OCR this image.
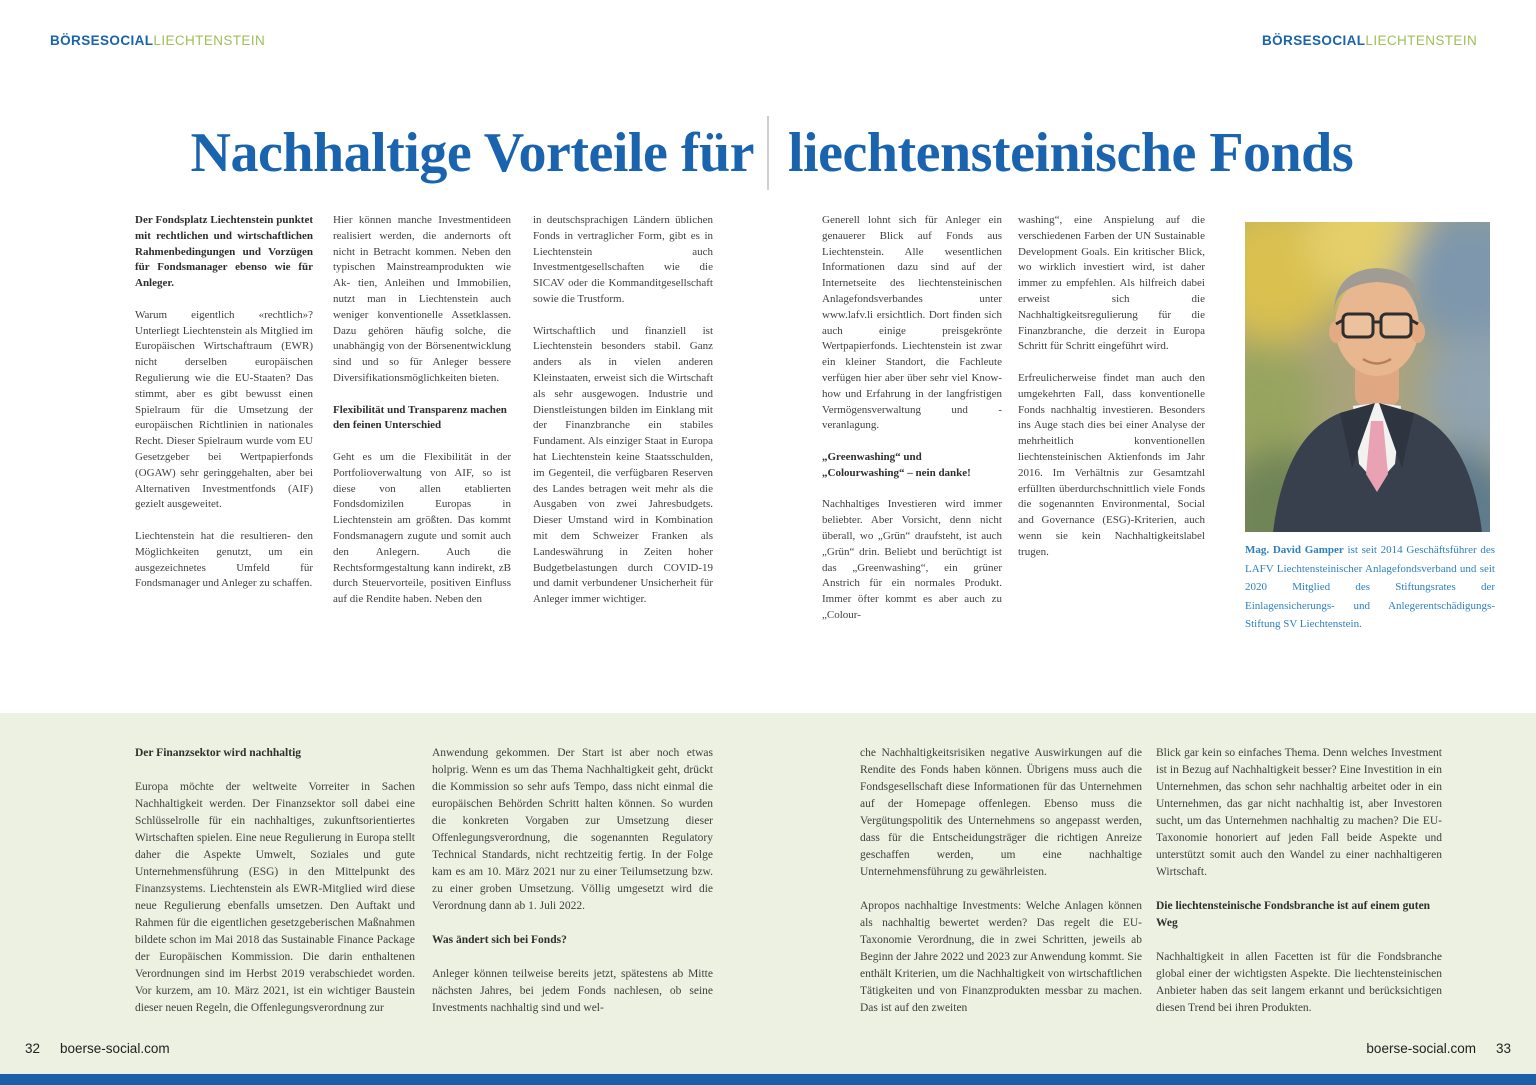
BÖRSESOCIALLIECHTENSTEIN	BÖRSESOCIALLIECHTENSTEIN
Nachhaltige Vorteile für liechtensteinische Fonds

Der Fondsplatz Liechtenstein punktet mit rechtlichen und wirtschaftlichen Rahmenbedingungen und Vorzügen für Fondsmanager ebenso wie für Anleger.

Warum eigentlich «rechtlich»? Unterliegt Liechtenstein als Mitglied im Europäischen Wirtschaftraum (EWR) nicht derselben europäischen Regulierung wie die EU-Staaten? Das stimmt, aber es gibt bewusst einen Spielraum für die Umsetzung der europäischen Richtlinien in nationales Recht. Dieser Spielraum wurde vom EU Gesetzgeber bei Wertpapierfonds (OGAW) sehr geringgehalten, aber bei Alternativen Investmentfonds (AIF) gezielt ausgeweitet.

Liechtenstein hat die resultieren- den Möglichkeiten genutzt, um ein ausgezeichnetes Umfeld für Fondsmanager und Anleger zu schaffen.

Hier können manche Investmentideen realisiert werden, die andernorts oft nicht in Betracht kommen. Neben den typischen Mainstreamprodukten wie Ak- tien, Anleihen und Immobilien, nutzt man in Liechtenstein auch weniger konventionelle Assetklassen. Dazu gehören häufig solche, die unabhängig von der Börsenentwicklung sind und so für Anleger bessere Diversifikationsmöglichkeiten bieten.

Flexibilität und Transparenz machen den feinen Unterschied

Geht es um die Flexibilität in der Portfolioverwaltung von AIF, so ist diese von allen etablierten Fondsdomizilen Europas in Liechtenstein am größten. Das kommt Fondsmanagern zugute und somit auch den Anlegern. Auch die Rechtsformgestaltung kann indirekt, zB durch Steuervorteile, positiven Einfluss auf die Rendite haben. Neben den

in deutschsprachigen Ländern üblichen Fonds in vertraglicher Form, gibt es in Liechtenstein auch Investmentgesellschaften wie die SICAV oder die Kommanditgesellschaft sowie die Trustform.

Wirtschaftlich und finanziell ist Liechtenstein besonders stabil. Ganz anders als in vielen anderen Kleinstaaten, erweist sich die Wirtschaft als sehr ausgewogen. Industrie und Dienstleistungen bilden im Einklang mit der Finanzbranche ein stabiles Fundament. Als einziger Staat in Europa hat Liechtenstein keine Staatsschulden, im Gegenteil, die verfügbaren Reserven des Landes betragen weit mehr als die Ausgaben von zwei Jahresbudgets. Dieser Umstand wird in Kombination mit dem Schweizer Franken als Landeswährung in Zeiten hoher Budgetbelastungen durch COVID-19 und damit verbundener Unsicherheit für Anleger immer wichtiger.

Generell lohnt sich für Anleger ein genauerer Blick auf Fonds aus Liechtenstein. Alle wesentlichen Informationen dazu sind auf der Internetseite des liechtensteinischen Anlagefondsverbandes unter www.lafv.li ersichtlich. Dort finden sich auch einige preisgekrönte Wertpapierfonds. Liechtenstein ist zwar ein kleiner Standort, die Fachleute verfügen hier aber über sehr viel Know-how und Erfahrung in der langfristigen Vermögensverwaltung und -veranlagung.

„Greenwashing“ und „Colourwashing“ – nein danke!

Nachhaltiges Investieren wird immer beliebter. Aber Vorsicht, denn nicht überall, wo „Grün“ draufsteht, ist auch „Grün“ drin. Beliebt und berüchtigt ist das „Greenwashing“, ein grüner Anstrich für ein normales Produkt. Immer öfter kommt es aber auch zu „Colour-

washing“, eine Anspielung auf die verschiedenen Farben der UN Sustainable Development Goals. Ein kritischer Blick, wo wirklich investiert wird, ist daher immer zu empfehlen. Als hilfreich dabei erweist sich die Nachhaltigkeitsregulierung für die Finanzbranche, die derzeit in Europa Schritt für Schritt eingeführt wird.

Erfreulicherweise findet man auch den umgekehrten Fall, dass konventionelle Fonds nachhaltig investieren. Besonders ins Auge stach dies bei einer Analyse der mehrheitlich konventionellen liechtensteinischen Aktienfonds im Jahr 2016. Im Verhältnis zur Gesamtzahl erfüllten überdurchschnittlich viele Fonds die sogenannten Environmental, Social and Governance (ESG)-Kriterien, auch wenn sie kein Nachhaltigkeitslabel trugen.	Mag. David Gamper ist seit 2014 Geschäftsführer des LAFV Liechtensteinischer Anlagefondsverband und seit 2020 Mitglied des Stiftungsrates der Einlagensicherungs- und Anlegerentschädigungs-Stiftung SV Liechtenstein.

Der Finanzsektor wird nachhaltig

Europa möchte der weltweite Vorreiter in Sachen Nachhaltigkeit werden. Der Finanzsektor soll dabei eine Schlüsselrolle für ein nachhaltiges, zukunftsorientiertes Wirtschaften spielen. Eine neue Regulierung in Europa stellt daher die Aspekte Umwelt, Soziales und gute Unternehmensführung (ESG) in den Mittelpunkt des Finanzsystems. Liechtenstein als EWR-Mitglied wird diese neue Regulierung ebenfalls umsetzen. Den Auftakt und Rahmen für die eigentlichen gesetzgeberischen Maßnahmen bildete schon im Mai 2018 das Sustainable Finance Package der Europäischen Kommission. Die darin enthaltenen Verordnungen sind im Herbst 2019 verabschiedet worden. Vor kurzem, am 10. März 2021, ist ein wichtiger Baustein dieser neuen Regeln, die Offenlegungsverordnung zur

Anwendung gekommen. Der Start ist aber noch etwas holprig. Wenn es um das Thema Nachhaltigkeit geht, drückt die Kommission so sehr aufs Tempo, dass nicht einmal die europäischen Behörden Schritt halten können. So wurden die konkreten Vorgaben zur Umsetzung dieser Offenlegungsverordnung, die sogenannten Regulatory Technical Standards, nicht rechtzeitig fertig. In der Folge kam es am 10. März 2021 nur zu einer Teilumsetzung bzw. zu einer groben Umsetzung. Völlig umgesetzt wird die Verordnung dann ab 1. Juli 2022.

Was ändert sich bei Fonds?

Anleger können teilweise bereits jetzt, spätestens ab Mitte nächsten Jahres, bei jedem Fonds nachlesen, ob seine Investments nachhaltig sind und wel-

che Nachhaltigkeitsrisiken negative Auswirkungen auf die Rendite des Fonds haben können. Übrigens muss auch die Fondsgesellschaft diese Informationen für das Unternehmen auf der Homepage offenlegen. Ebenso muss die Vergütungspolitik des Unternehmens so angepasst werden, dass für die Entscheidungsträger die richtigen Anreize geschaffen werden, um eine nachhaltige Unternehmensführung zu gewährleisten.

Apropos nachhaltige Investments: Welche Anlagen können als nachhaltig bewertet werden? Das regelt die EU-Taxonomie Verordnung, die in zwei Schritten, jeweils ab Beginn der Jahre 2022 und 2023 zur Anwendung kommt. Sie enthält Kriterien, um die Nachhaltigkeit von wirtschaftlichen Tätigkeiten und von Finanzprodukten messbar zu machen. Das ist auf den zweiten

Blick gar kein so einfaches Thema. Denn welches Investment ist in Bezug auf Nachhaltigkeit besser? Eine Investition in ein Unternehmen, das schon sehr nachhaltig arbeitet oder in ein Unternehmen, das gar nicht nachhaltig ist, aber Investoren sucht, um das Unternehmen nachhaltig zu machen? Die EU-Taxonomie honoriert auf jeden Fall beide Aspekte und unterstützt somit auch den Wandel zu einer nachhaltigeren Wirtschaft.

Die liechtensteinische Fondsbranche ist auf einem guten Weg

Nachhaltigkeit in allen Facetten ist für die Fondsbranche global einer der wichtigsten Aspekte. Die liechtensteinischen Anbieter haben das seit langem erkannt und berücksichtigen diesen Trend bei ihren Produkten.

32 boerse-social.com	boerse-social.com 33
